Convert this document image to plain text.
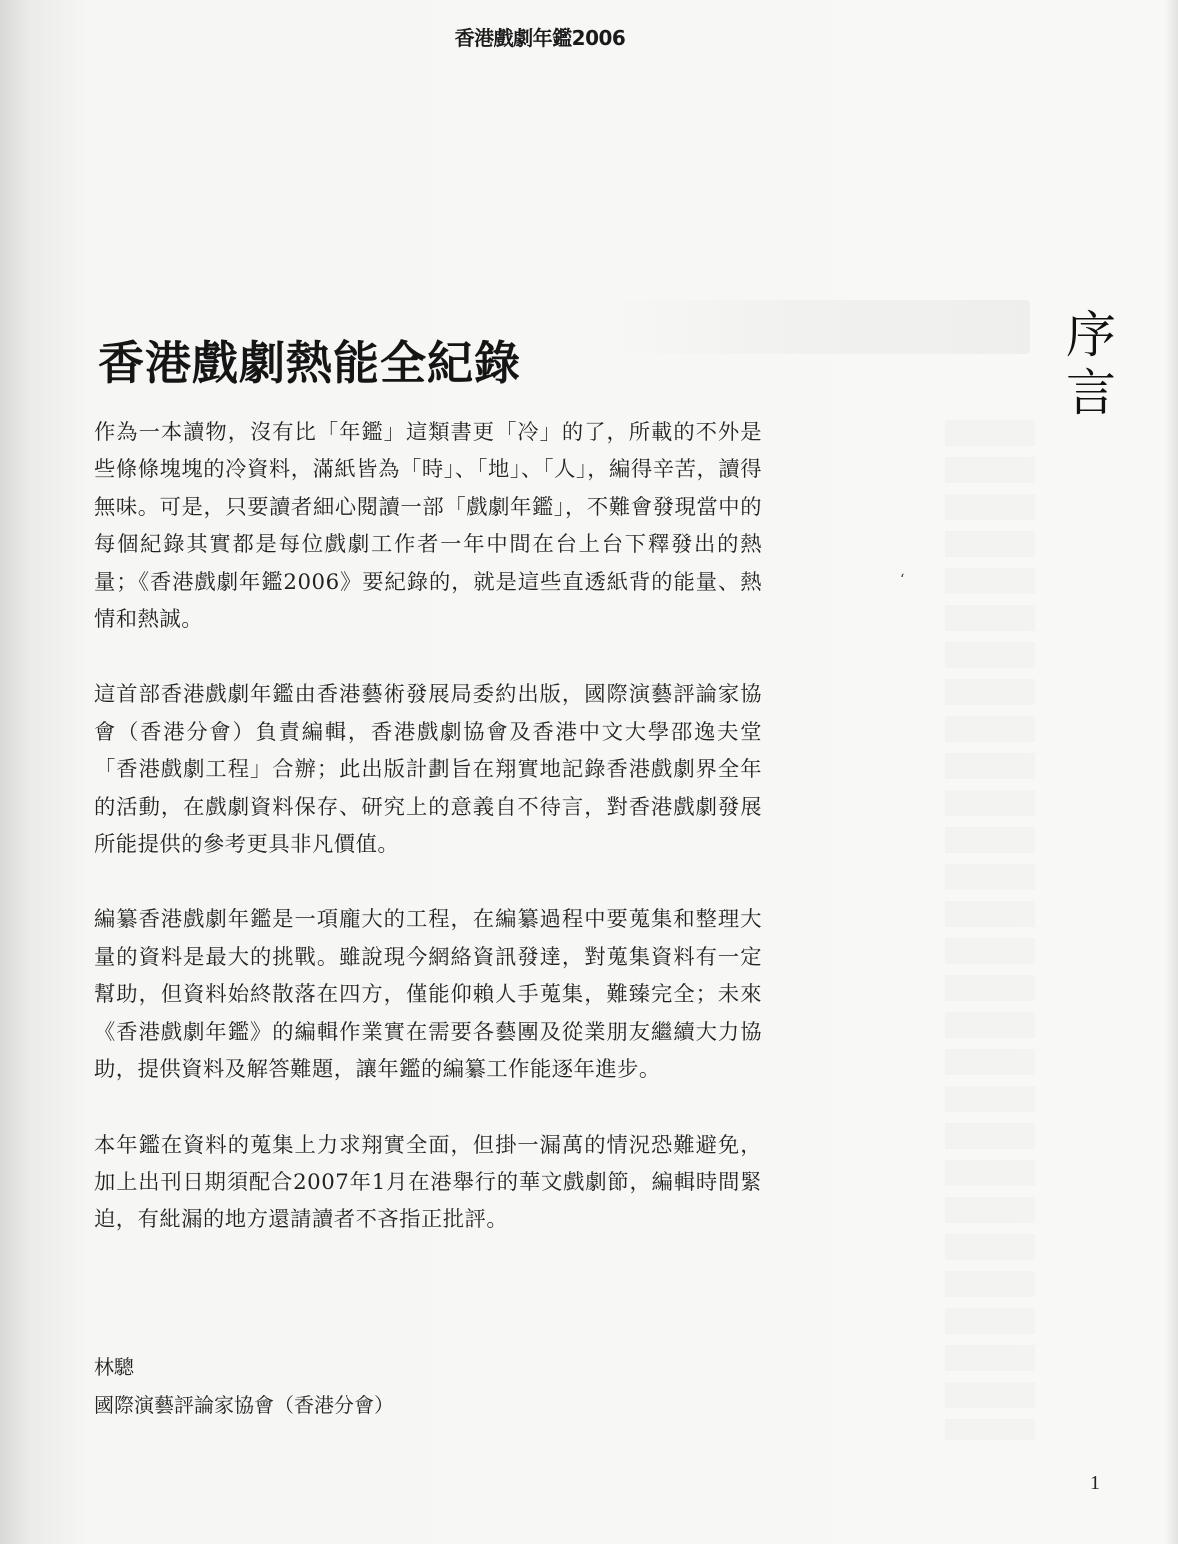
香港戲劇年鑑2006
香港戲劇熱能全紀錄	序
言
ʻ

作為一本讀物，沒有比「年鑑」這類書更「冷」的了，所載的不外是些條條塊塊的冷資料，滿紙皆為「時」、「地」、「人」，編得辛苦，讀得無味。可是，只要讀者細心閱讀一部「戲劇年鑑」，不難會發現當中的每個紀錄其實都是每位戲劇工作者一年中間在台上台下釋發出的熱量；《香港戲劇年鑑2006》要紀錄的，就是這些直透紙背的能量、熱情和熱誠。

這首部香港戲劇年鑑由香港藝術發展局委約出版，國際演藝評論家協會（香港分會）負責編輯，香港戲劇協會及香港中文大學邵逸夫堂「香港戲劇工程」合辦；此出版計劃旨在翔實地記錄香港戲劇界全年的活動，在戲劇資料保存、研究上的意義自不待言，對香港戲劇發展所能提供的參考更具非凡價值。

編纂香港戲劇年鑑是一項龐大的工程，在編纂過程中要蒐集和整理大量的資料是最大的挑戰。雖說現今網絡資訊發達，對蒐集資料有一定幫助，但資料始終散落在四方，僅能仰賴人手蒐集，難臻完全；未來《香港戲劇年鑑》的編輯作業實在需要各藝團及從業朋友繼續大力協助，提供資料及解答難題，讓年鑑的編纂工作能逐年進步。

本年鑑在資料的蒐集上力求翔實全面，但掛一漏萬的情況恐難避免，加上出刊日期須配合2007年1月在港舉行的華文戲劇節，編輯時間緊迫，有紕漏的地方還請讀者不吝指正批評。

林驄
國際演藝評論家協會（香港分會）
1
